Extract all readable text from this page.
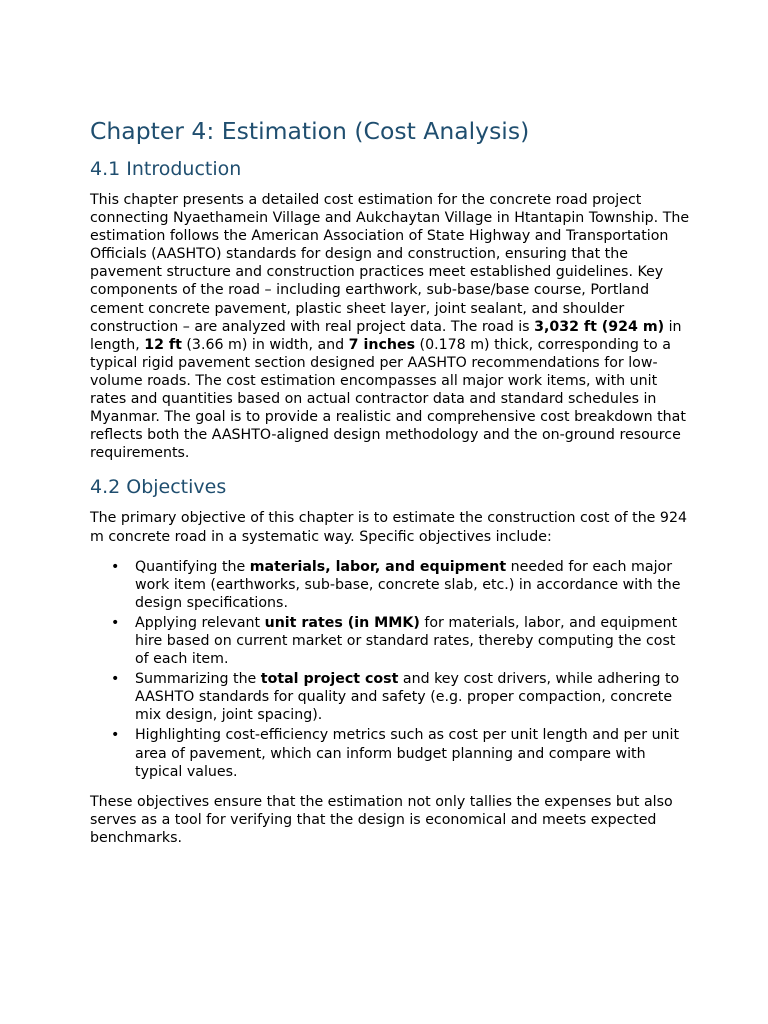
Chapter 4: Estimation (Cost Analysis)
4.1 Introduction

This chapter presents a detailed cost estimation for the concrete road project connecting Nyaethamein Village and Aukchaytan Village in Htantapin Township. The estimation follows the American Association of State Highway and Transportation Officials (AASHTO) standards for design and construction, ensuring that the pavement structure and construction practices meet established guidelines. Key components of the road – including earthwork, sub-base/base course, Portland cement concrete pavement, plastic sheet layer, joint sealant, and shoulder construction – are analyzed with real project data. The road is 3,032 ft (924 m) in length, 12 ft (3.66 m) in width, and 7 inches (0.178 m) thick, corresponding to a typical rigid pavement section designed per AASHTO recommendations for low-volume roads. The cost estimation encompasses all major work items, with unit rates and quantities based on actual contractor data and standard schedules in Myanmar. The goal is to provide a realistic and comprehensive cost breakdown that reflects both the AASHTO-aligned design methodology and the on-ground resource requirements.

4.2 Objectives

The primary objective of this chapter is to estimate the construction cost of the 924 m concrete road in a systematic way. Specific objectives include:

• Quantifying the materials, labor, and equipment needed for each major work item (earthworks, sub-base, concrete slab, etc.) in accordance with the design specifications.
• Applying relevant unit rates (in MMK) for materials, labor, and equipment hire based on current market or standard rates, thereby computing the cost of each item.
• Summarizing the total project cost and key cost drivers, while adhering to AASHTO standards for quality and safety (e.g. proper compaction, concrete mix design, joint spacing).
• Highlighting cost-efficiency metrics such as cost per unit length and per unit area of pavement, which can inform budget planning and compare with typical values.

These objectives ensure that the estimation not only tallies the expenses but also serves as a tool for verifying that the design is economical and meets expected benchmarks.
